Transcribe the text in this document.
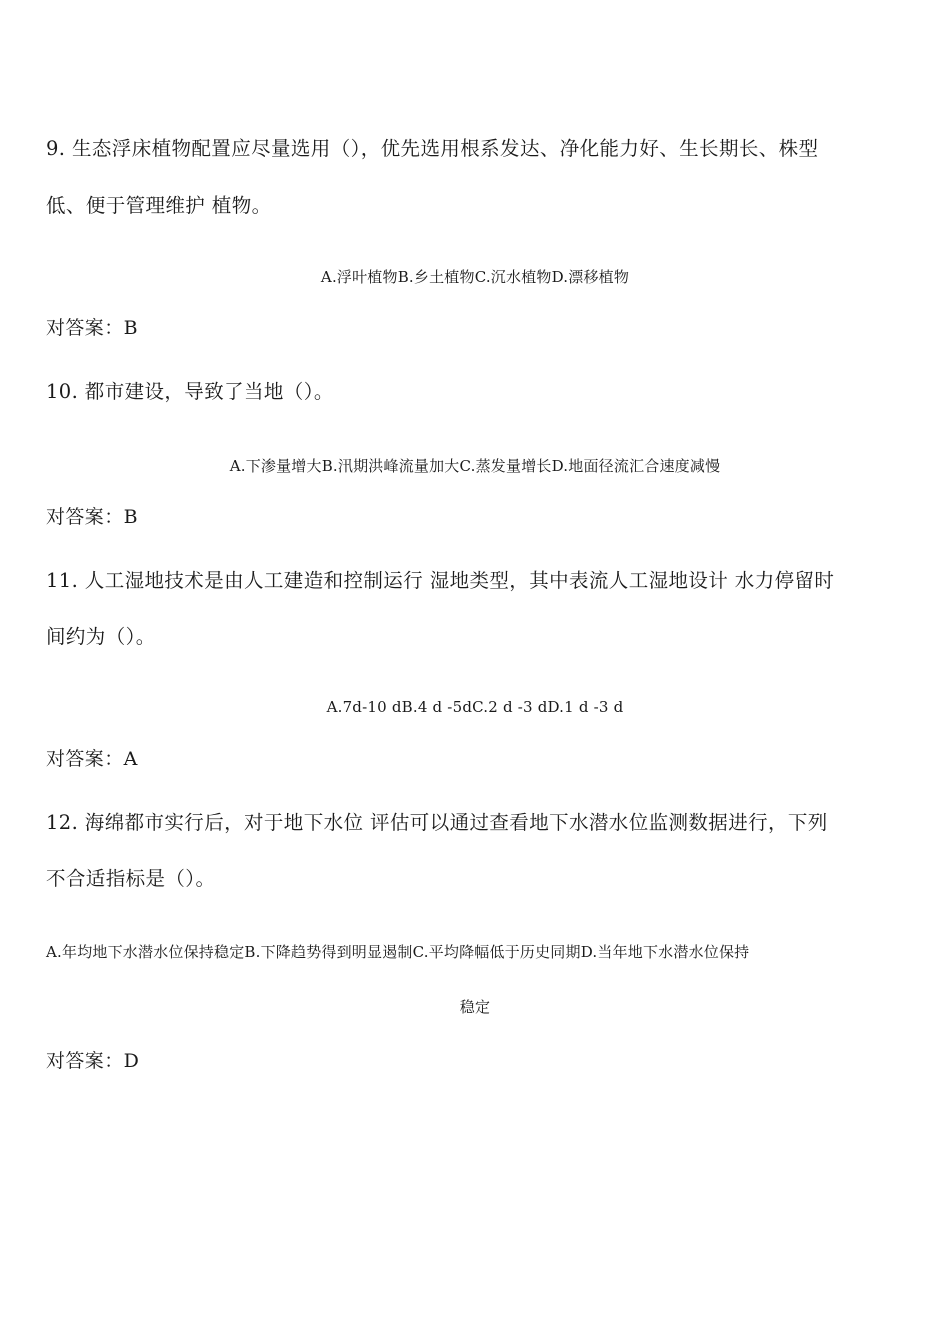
9. 生态浮床植物配置应尽量选用（），优先选用根系发达、净化能力好、生长期长、株型
低、便于管理维护 植物。
A.浮叶植物B.乡土植物C.沉水植物D.漂移植物
对答案：B
10. 都市建设，导致了当地（）。
A.下渗量增大B.汛期洪峰流量加大C.蒸发量增长D.地面径流汇合速度减慢
对答案：B
11. 人工湿地技术是由人工建造和控制运行 湿地类型，其中表流人工湿地设计 水力停留时
间约为（）。
A.7d-10 dB.4 d -5dC.2 d -3 dD.1 d -3 d
对答案：A
12. 海绵都市实行后，对于地下水位 评估可以通过查看地下水潜水位监测数据进行，下列
不合适指标是（）。
A.年均地下水潜水位保持稳定B.下降趋势得到明显遏制C.平均降幅低于历史同期D.当年地下水潜水位保持
稳定
对答案：D
